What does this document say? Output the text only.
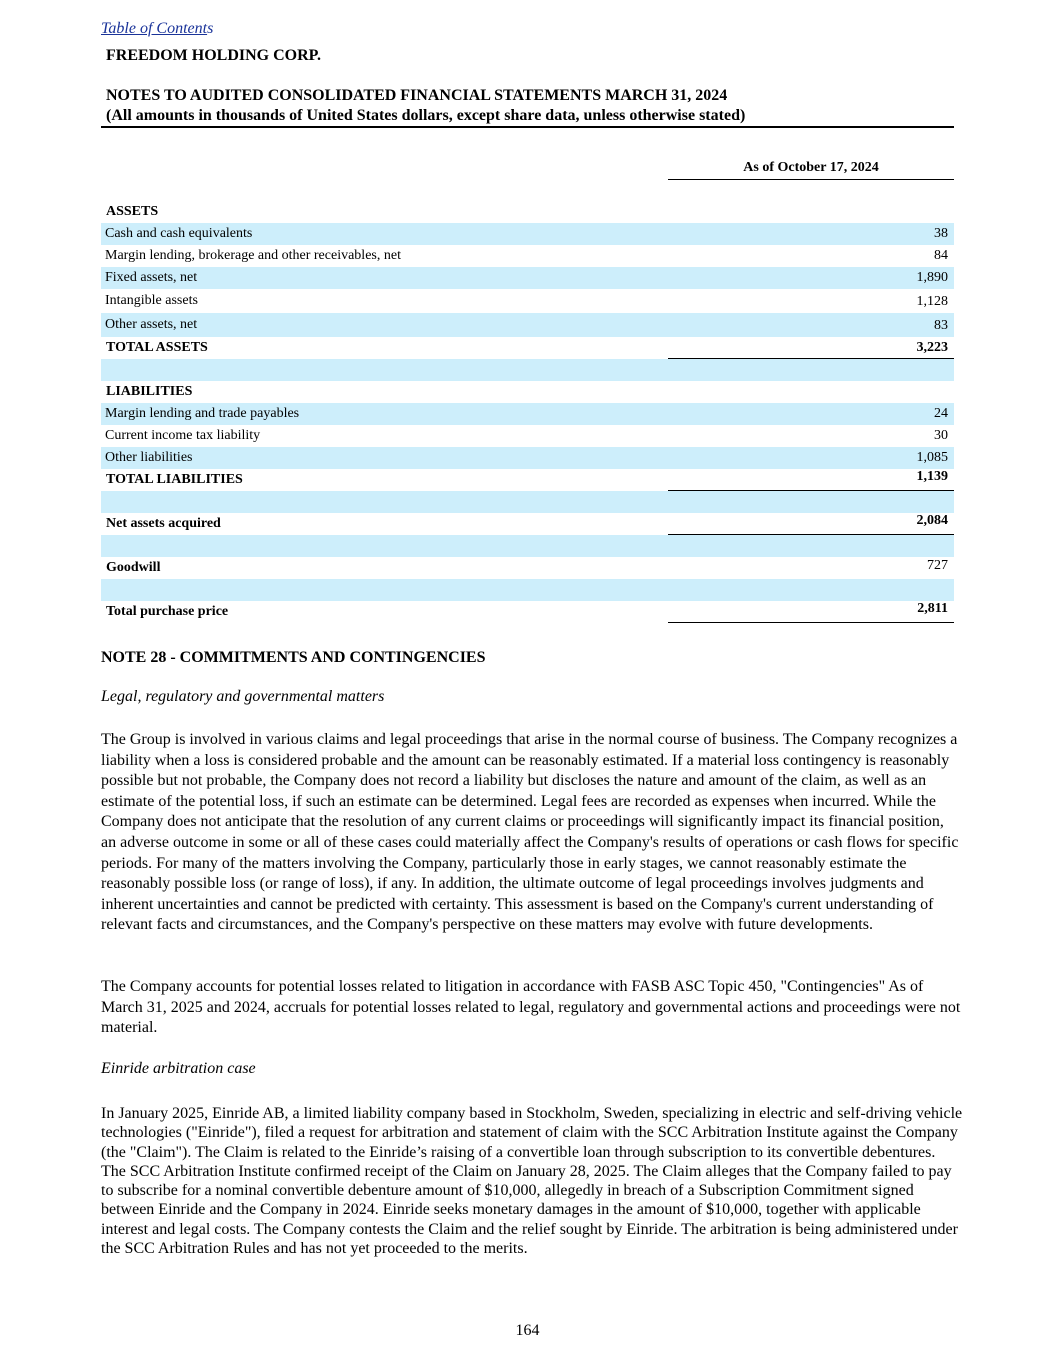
Table of Contents
FREEDOM HOLDING CORP.
NOTES TO AUDITED CONSOLIDATED FINANCIAL STATEMENTS MARCH 31, 2024
(All amounts in thousands of United States dollars, except share data, unless otherwise stated)
As of October 17, 2024
ASSETS
Cash and cash equivalents	38
Margin lending, brokerage and other receivables, net	84
Fixed assets, net	1,890
Intangible assets	1,128
Other assets, net	83
TOTAL ASSETS	3,223
LIABILITIES
Margin lending and trade payables	24
Current income tax liability	30
Other liabilities	1,085
TOTAL LIABILITIES	1,139
Net assets acquired	2,084
Goodwill	727
Total purchase price	2,811
NOTE 28 - COMMITMENTS AND CONTINGENCIES
Legal, regulatory and governmental matters
The Group is involved in various claims and legal proceedings that arise in the normal course of business. The Company recognizes a liability when a loss is considered probable and the amount can be reasonably estimated. If a material loss contingency is reasonably possible but not probable, the Company does not record a liability but discloses the nature and amount of the claim, as well as an estimate of the potential loss, if such an estimate can be determined. Legal fees are recorded as expenses when incurred. While the Company does not anticipate that the resolution of any current claims or proceedings will significantly impact its financial position, an adverse outcome in some or all of these cases could materially affect the Company's results of operations or cash flows for specific periods. For many of the matters involving the Company, particularly those in early stages, we cannot reasonably estimate the reasonably possible loss (or range of loss), if any. In addition, the ultimate outcome of legal proceedings involves judgments and inherent uncertainties and cannot be predicted with certainty. This assessment is based on the Company's current understanding of relevant facts and circumstances, and the Company's perspective on these matters may evolve with future developments.
The Company accounts for potential losses related to litigation in accordance with FASB ASC Topic 450, "Contingencies" As of March 31, 2025 and 2024, accruals for potential losses related to legal, regulatory and governmental actions and proceedings were not material.
Einride arbitration case
In January 2025, Einride AB, a limited liability company based in Stockholm, Sweden, specializing in electric and self-driving vehicle technologies ("Einride"), filed a request for arbitration and statement of claim with the SCC Arbitration Institute against the Company (the "Claim"). The Claim is related to the Einride’s raising of a convertible loan through subscription to its convertible debentures. The SCC Arbitration Institute confirmed receipt of the Claim on January 28, 2025. The Claim alleges that the Company failed to pay to subscribe for a nominal convertible debenture amount of $10,000, allegedly in breach of a Subscription Commitment signed between Einride and the Company in 2024. Einride seeks monetary damages in the amount of $10,000, together with applicable interest and legal costs. The Company contests the Claim and the relief sought by Einride. The arbitration is being administered under the SCC Arbitration Rules and has not yet proceeded to the merits.
164
